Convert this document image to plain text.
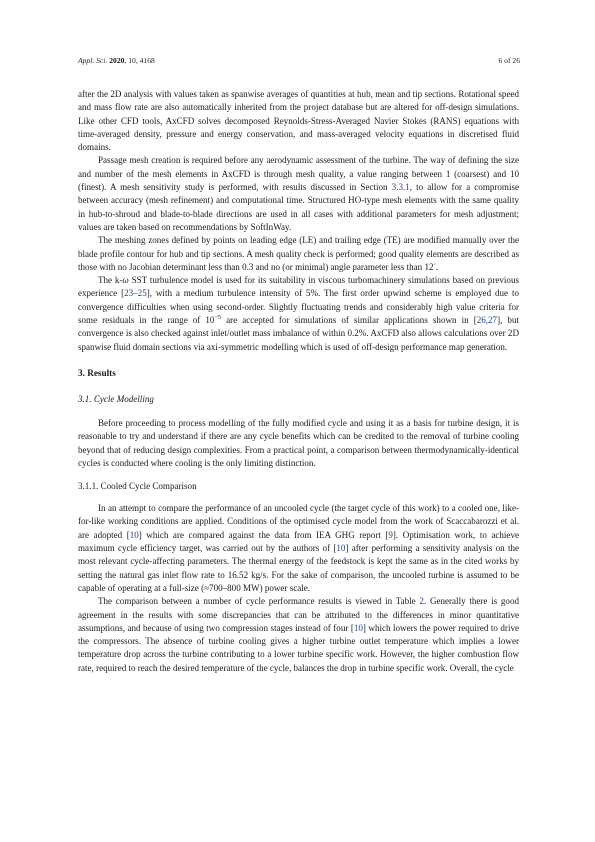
Appl. Sci. 2020, 10, 4168	6 of 26

after the 2D analysis with values taken as spanwise averages of quantities at hub, mean and tip sections. Rotational speed and mass flow rate are also automatically inherited from the project database but are altered for off-design simulations. Like other CFD tools, AxCFD solves decomposed Reynolds-Stress-Averaged Navier Stokes (RANS) equations with time-averaged density, pressure and energy conservation, and mass-averaged velocity equations in discretised fluid domains.

Passage mesh creation is required before any aerodynamic assessment of the turbine. The way of defining the size and number of the mesh elements in AxCFD is through mesh quality, a value ranging between 1 (coarsest) and 10 (finest). A mesh sensitivity study is performed, with results discussed in Section 3.3.1, to allow for a compromise between accuracy (mesh refinement) and computational time. Structured HO-type mesh elements with the same quality in hub-to-shroud and blade-to-blade directions are used in all cases with additional parameters for mesh adjustment; values are taken based on recommendations by SoftInWay.

The meshing zones defined by points on leading edge (LE) and trailing edge (TE) are modified manually over the blade profile contour for hub and tip sections. A mesh quality check is performed; good quality elements are described as those with no Jacobian determinant less than 0.3 and no (or minimal) angle parameter less than 12◦.

The k-ω SST turbulence model is used for its suitability in viscous turbomachinery simulations based on previous experience [23–25], with a medium turbulence intensity of 5%. The first order upwind scheme is employed due to convergence difficulties when using second-order. Slightly fluctuating trends and considerably high value criteria for some residuals in the range of $10^{-5}$ are accepted for simulations of similar applications shown in [26,27], but convergence is also checked against inlet/outlet mass imbalance of within 0.2%. AxCFD also allows calculations over 2D spanwise fluid domain sections via axi-symmetric modelling which is used of off-design performance map generation.

3. Results
3.1. Cycle Modelling

Before proceeding to process modelling of the fully modified cycle and using it as a basis for turbine design, it is reasonable to try and understand if there are any cycle benefits which can be credited to the removal of turbine cooling beyond that of reducing design complexities. From a practical point, a comparison between thermodynamically-identical cycles is conducted where cooling is the only limiting distinction.

3.1.1. Cooled Cycle Comparison

In an attempt to compare the performance of an uncooled cycle (the target cycle of this work) to a cooled one, like-for-like working conditions are applied. Conditions of the optimised cycle model from the work of Scaccabarozzi et al. are adopted [10] which are compared against the data from IEA GHG report [9]. Optimisation work, to achieve maximum cycle efficiency target, was carried out by the authors of [10] after performing a sensitivity analysis on the most relevant cycle-affecting parameters. The thermal energy of the feedstock is kept the same as in the cited works by setting the natural gas inlet flow rate to 16.52 kg/s. For the sake of comparison, the uncooled turbine is assumed to be capable of operating at a full-size (≈700–800 MW) power scale.

The comparison between a number of cycle performance results is viewed in Table 2. Generally there is good agreement in the results with some discrepancies that can be attributed to the differences in minor quantitative assumptions, and because of using two compression stages instead of four [10] which lowers the power required to drive the compressors. The absence of turbine cooling gives a higher turbine outlet temperature which implies a lower temperature drop across the turbine contributing to a lower turbine specific work. However, the higher combustion flow rate, required to reach the desired temperature of the cycle, balances the drop in turbine specific work. Overall, the cycle
